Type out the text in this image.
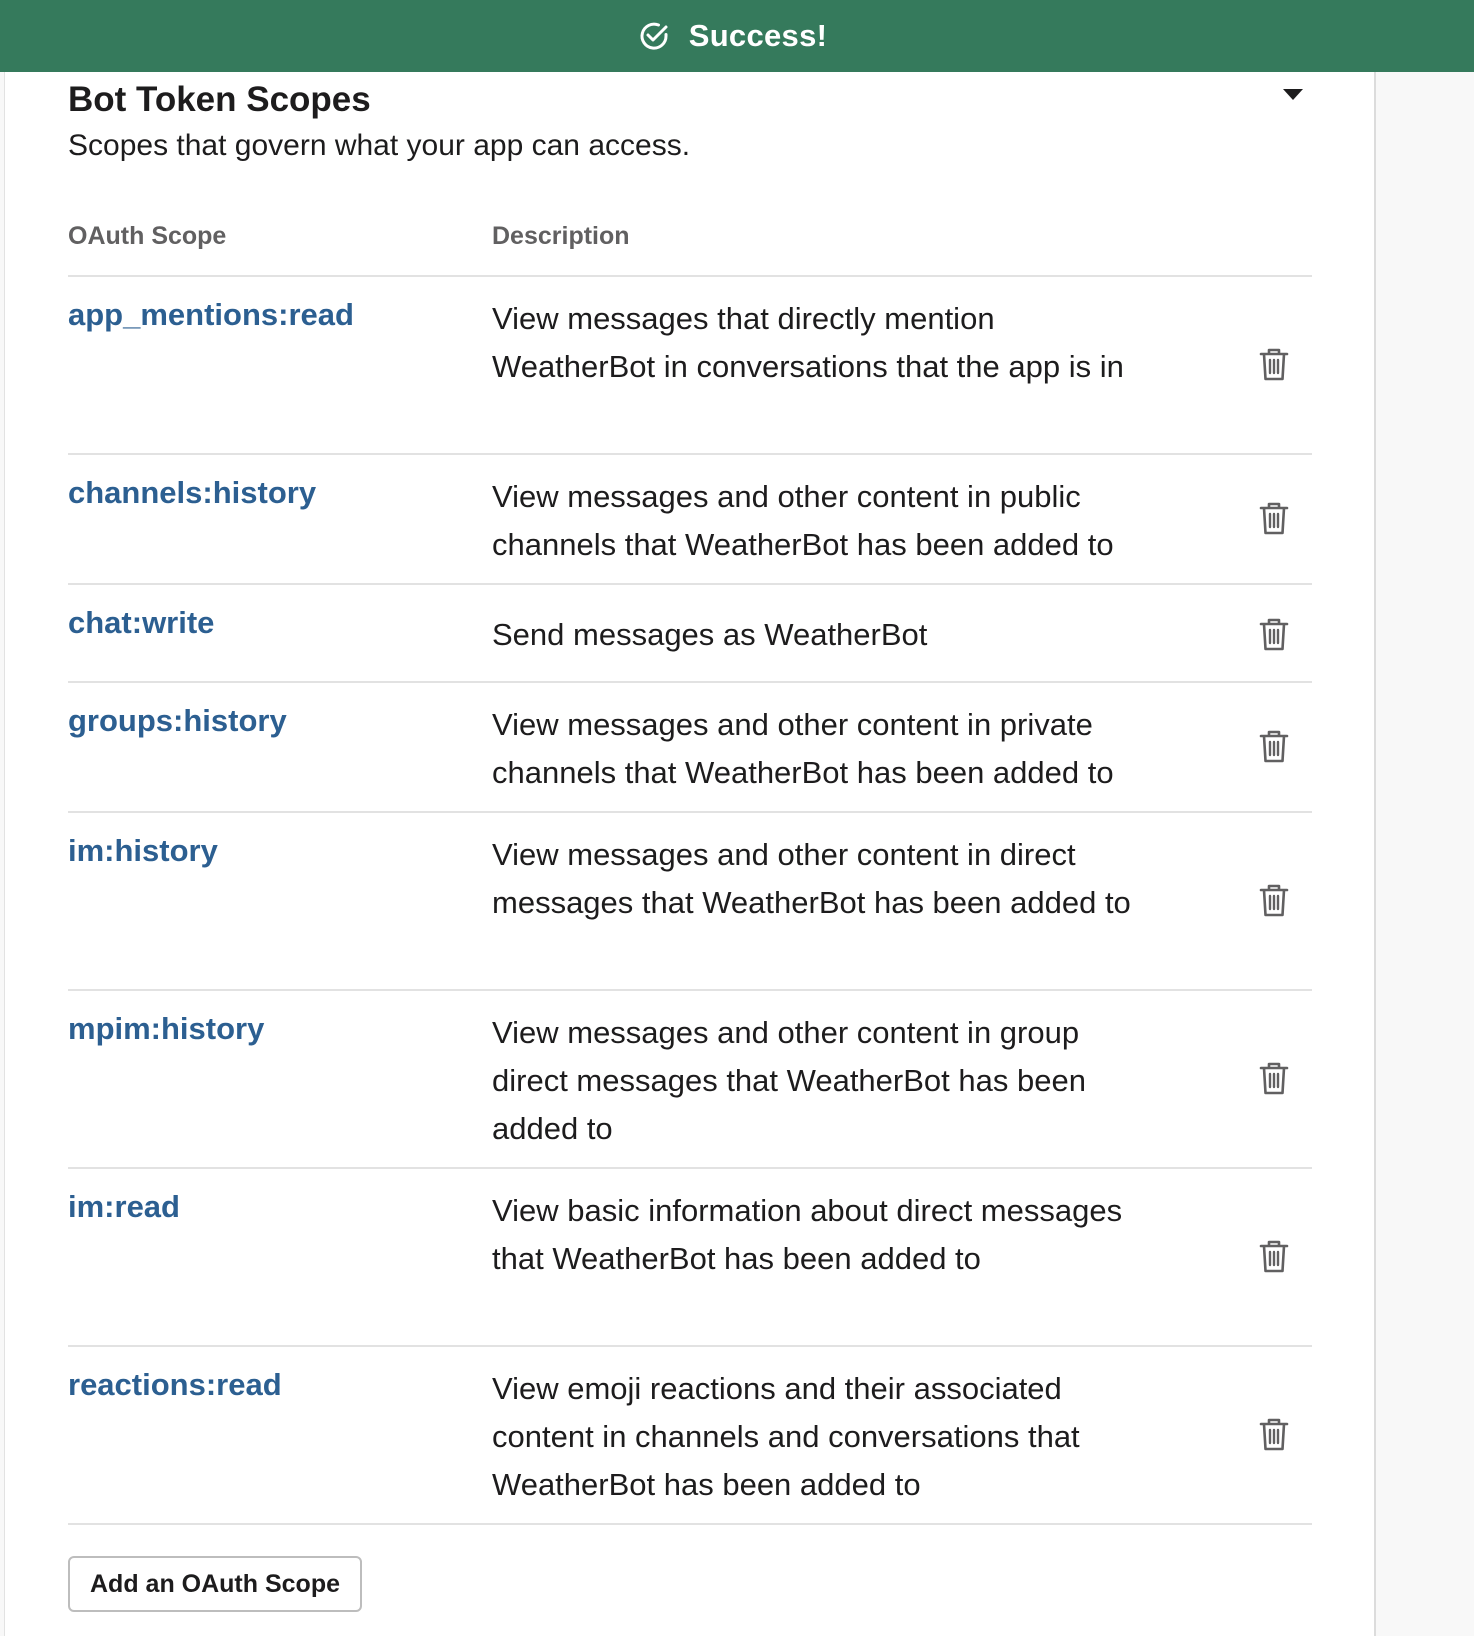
Success!
Bot Token Scopes
Scopes that govern what your app can access.
OAuth Scope	Description
app_mentions:read	View messages that directly mention WeatherBot in conversations that the app is in
channels:history	View messages and other content in public channels that WeatherBot has been added to
chat:write	Send messages as WeatherBot
groups:history	View messages and other content in private channels that WeatherBot has been added to
im:history	View messages and other content in direct messages that WeatherBot has been added to
mpim:history	View messages and other content in group direct messages that WeatherBot has been added to
im:read	View basic information about direct messages that WeatherBot has been added to
reactions:read	View emoji reactions and their associated content in channels and conversations that WeatherBot has been added to
Add an OAuth Scope
